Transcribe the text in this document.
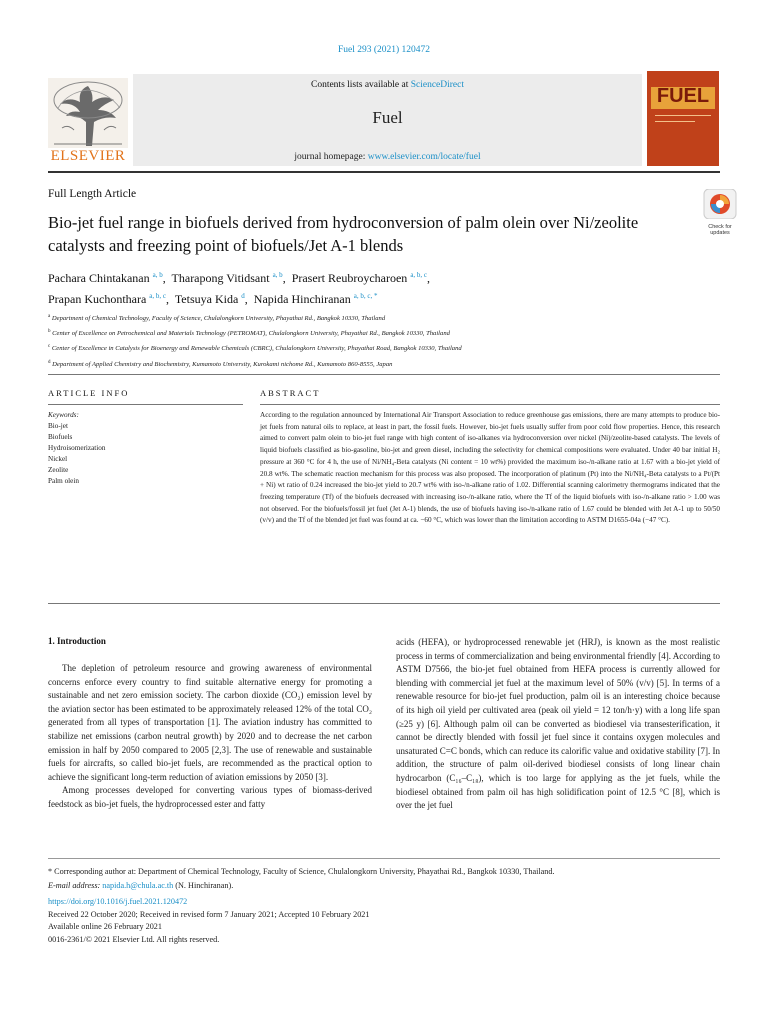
Fuel 293 (2021) 120472
Contents lists available at ScienceDirect
Fuel
journal homepage: www.elsevier.com/locate/fuel
ELSEVIER
FUEL
Full Length Article
Bio-jet fuel range in biofuels derived from hydroconversion of palm olein over Ni/zeolite catalysts and freezing point of biofuels/Jet A-1 blends
Check for updates
Pachara Chintakanan $^{a, b}$,  Tharapong Vitidsant $^{a, b}$,  Prasert Reubroycharoen $^{a, b, c}$,
Prapan Kuchonthara $^{a, b, c}$,  Tetsuya Kida $^d$,  Napida Hinchiranan $^{a, b, c, *}$
$^a$ Department of Chemical Technology, Faculty of Science, Chulalongkorn University, Phayathai Rd., Bangkok 10330, Thailand
$^b$ Center of Excellence on Petrochemical and Materials Technology (PETROMAT), Chulalongkorn University, Phayathai Rd., Bangkok 10330, Thailand
$^c$ Center of Excellence in Catalysis for Bioenergy and Renewable Chemicals (CBRC), Chulalongkorn University, Phayathai Road, Bangkok 10330, Thailand
$^d$ Department of Applied Chemistry and Biochemistry, Kumamoto University, Kurokami nichome Rd., Kumamoto 860-8555, Japan
ARTICLE INFO	ABSTRACT
Keywords:
Bio-jet
Biofuels
Hydroisomerization
Nickel
Zeolite
Palm olein
According to the regulation announced by International Air Transport Association to reduce greenhouse gas emissions, there are many attempts to produce bio-jet fuels from natural oils to replace, at least in part, the fossil fuels. However, bio-jet fuels usually suffer from poor cold flow properties. Hence, this research aimed to convert palm olein to bio-jet fuel range with high content of iso-alkanes via hydroconversion over nickel (Ni)/zeolite-based catalysts. The levels of liquid biofuels classified as bio-gasoline, bio-jet and green diesel, including the selectivity for chemical compositions were evaluated. Under 40 bar initial H₂ pressure at 360 °C for 4 h, the use of Ni/NH₄-Beta catalysts (Ni content = 10 wt%) provided the maximum iso-/n-alkane ratio at 1.67 with a bio-jet yield of 20.8 wt%. The schematic reaction mechanism for this process was also proposed. The incorporation of platinum (Pt) into the Ni/NH₄-Beta catalysts to a Pt/(Pt + Ni) wt ratio of 0.24 increased the bio-jet yield to 20.7 wt% with iso-/n-alkane ratio of 1.02. Differential scanning calorimetry thermograms indicated that the freezing temperature (Tf) of the biofuels decreased with increasing iso-/n-alkane ratio, where the Tf of the liquid biofuels with iso-/n-alkane ratio > 1.00 was not observed. For the biofuels/fossil jet fuel (Jet A-1) blends, the use of biofuels having iso-/n-alkane ratio of 1.67 could be blended with Jet A-1 up to 50/50 (v/v) and the Tf of the blended jet fuel was found at ca. −60 °C, which was lower than the limitation according to ASTM D1655-04a (−47 °C).
1. Introduction

The depletion of petroleum resource and growing awareness of environmental concerns enforce every country to find suitable alternative energy for promoting a sustainable and net zero emission society. The carbon dioxide (CO₂) emission level by the aviation sector has been estimated to be approximately released 12% of the total CO₂ generated from all types of transportation [1]. The aviation industry has committed to stabilize net emissions (carbon neutral growth) by 2020 and to decrease the net carbon emission in half by 2050 compared to 2005 [2,3]. The use of renewable and sustainable fuels for aircrafts, so called bio-jet fuels, are recommended as the practical option to achieve the significant long-term reduction of aviation emissions by 2050 [3].

Among processes developed for converting various types of biomass-derived feedstock as bio-jet fuels, the hydroprocessed ester and fatty

acids (HEFA), or hydroprocessed renewable jet (HRJ), is known as the most realistic process in terms of commercialization and being environmental friendly [4]. According to ASTM D7566, the bio-jet fuel obtained from HEFA process is currently allowed for blending with commercial jet fuel at the maximum level of 50% (v/v) [5]. In terms of a renewable resource for bio-jet fuel production, palm oil is an interesting choice because of its high oil yield per cultivated area (peak oil yield = 12 ton/h·y) with a long life span (≥25 y) [6]. Although palm oil can be converted as biodiesel via transesterification, it cannot be directly blended with fossil jet fuel since it contains oxygen molecules and unsaturated C=C bonds, which can reduce its calorific value and oxidative stability [7]. In addition, the structure of palm oil-derived biodiesel consists of long linear chain hydrocarbon (C₁₆–C₁₈), which is too large for applying as the jet fuels, while the biodiesel obtained from palm oil has high solidification point of 12.5 °C [8], which is over the jet fuel

* Corresponding author at: Department of Chemical Technology, Faculty of Science, Chulalongkorn University, Phayathai Rd., Bangkok 10330, Thailand.
E-mail address: napida.h@chula.ac.th (N. Hinchiranan).
https://doi.org/10.1016/j.fuel.2021.120472
Received 22 October 2020; Received in revised form 7 January 2021; Accepted 10 February 2021
Available online 26 February 2021
0016-2361/© 2021 Elsevier Ltd. All rights reserved.
